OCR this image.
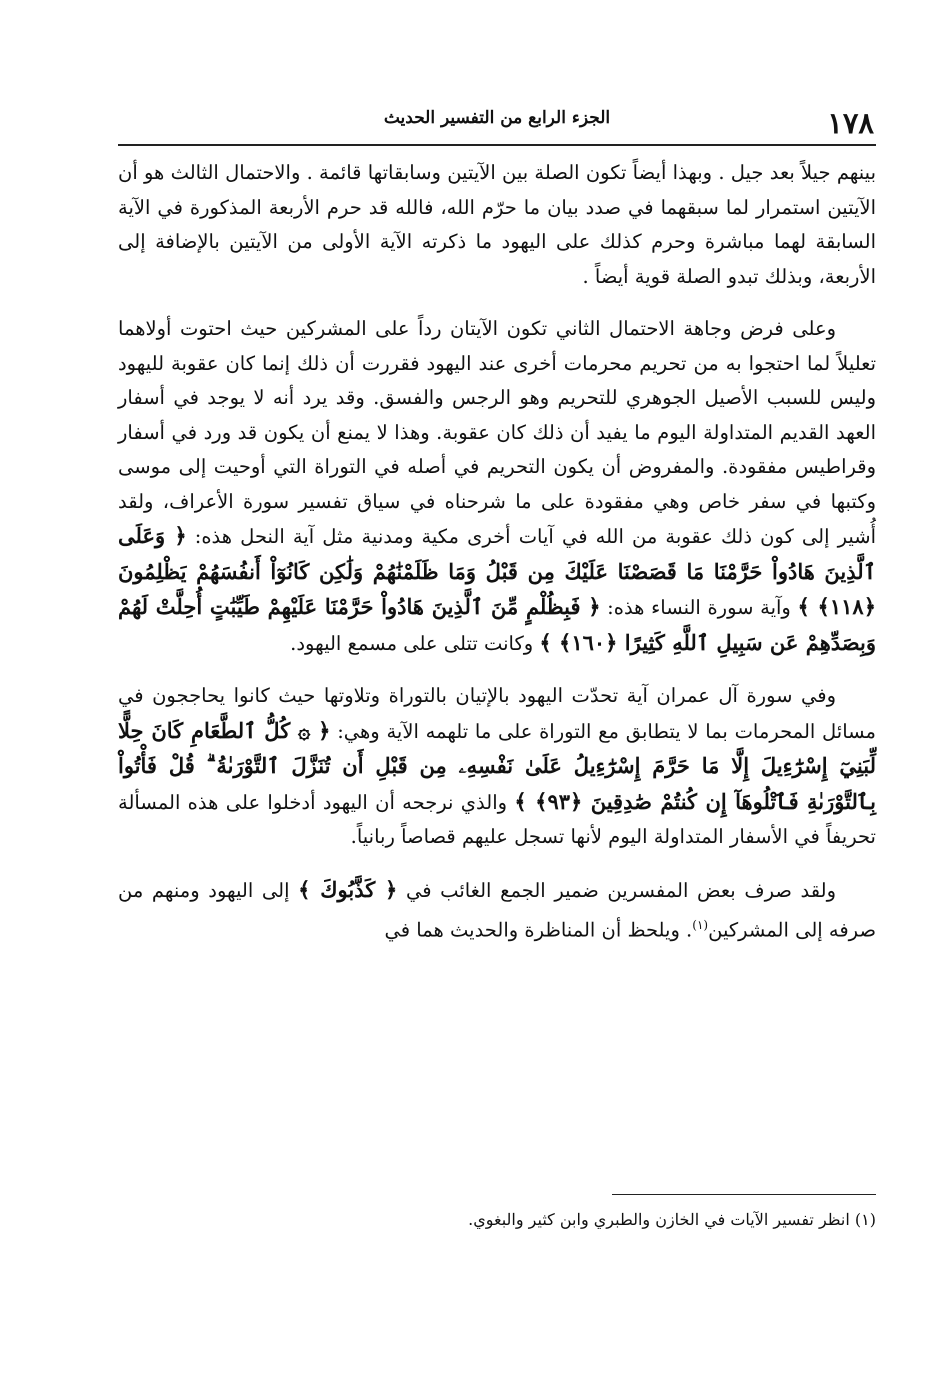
١٧٨
الجزء الرابع من التفسير الحديث

بينهم جيلاً بعد جيل . وبهذا أيضاً تكون الصلة بين الآيتين وسابقاتها قائمة . والاحتمال الثالث هو أن الآيتين استمرار لما سبقهما في صدد بيان ما حرّم الله، فالله قد حرم الأربعة المذكورة في الآية السابقة لهما مباشرة وحرم كذلك على اليهود ما ذكرته الآية الأولى من الآيتين بالإضافة إلى الأربعة، وبذلك تبدو الصلة قوية أيضاً .

وعلى فرض وجاهة الاحتمال الثاني تكون الآيتان رداً على المشركين حيث احتوت أولاهما تعليلاً لما احتجوا به من تحريم محرمات أخرى عند اليهود فقررت أن ذلك إنما كان عقوبة لليهود وليس للسبب الأصيل الجوهري للتحريم وهو الرجس والفسق. وقد يرد أنه لا يوجد في أسفار العهد القديم المتداولة اليوم ما يفيد أن ذلك كان عقوبة. وهذا لا يمنع أن يكون قد ورد في أسفار وقراطيس مفقودة. والمفروض أن يكون التحريم في أصله في التوراة التي أوحيت إلى موسى وكتبها في سفر خاص وهي مفقودة على ما شرحناه في سياق تفسير سورة الأعراف، ولقد أُشير إلى كون ذلك عقوبة من الله في آيات أخرى مكية ومدنية مثل آية النحل هذه: ﴿ وَعَلَى ٱلَّذِينَ هَادُواْ حَرَّمْنَا مَا قَصَصْنَا عَلَيْكَ مِن قَبْلُ وَمَا ظَلَمْنَٰهُمْ وَلَٰكِن كَانُوٓاْ أَنفُسَهُمْ يَظْلِمُونَ ﴿١١٨﴾ ﴾ وآية سورة النساء هذه: ﴿ فَبِظُلْمٍ مِّنَ ٱلَّذِينَ هَادُواْ حَرَّمْنَا عَلَيْهِمْ طَيِّبَٰتٍ أُحِلَّتْ لَهُمْ وَبِصَدِّهِمْ عَن سَبِيلِ ٱللَّهِ كَثِيرًا ﴿١٦٠﴾ ﴾ وكانت تتلى على مسمع اليهود.

وفي سورة آل عمران آية تحدّت اليهود بالإتيان بالتوراة وتلاوتها حيث كانوا يحاججون في مسائل المحرمات بما لا يتطابق مع التوراة على ما تلهمه الآية وهي: ﴿ ۞ كُلُّ ٱلطَّعَامِ كَانَ حِلًّا لِّبَنِيٓ إِسْرَٰٓءِيلَ إِلَّا مَا حَرَّمَ إِسْرَٰٓءِيلُ عَلَىٰ نَفْسِهِۦ مِن قَبْلِ أَن تُنَزَّلَ ٱلتَّوْرَىٰةُ ۗ قُلْ فَأْتُواْ بِٱلتَّوْرَىٰةِ فَٱتْلُوهَآ إِن كُنتُمْ صَٰدِقِينَ ﴿٩٣﴾ ﴾ والذي نرجحه أن اليهود أدخلوا على هذه المسألة تحريفاً في الأسفار المتداولة اليوم لأنها تسجل عليهم قصاصاً ربانياً.

ولقد صرف بعض المفسرين ضمير الجمع الغائب في ﴿ كَذَّبُوكَ ﴾ إلى اليهود ومنهم من صرفه إلى المشركين$^{(١)}$. ويلحظ أن المناظرة والحديث هما في

(١) انظر تفسير الآيات في الخازن والطبري وابن كثير والبغوي.
